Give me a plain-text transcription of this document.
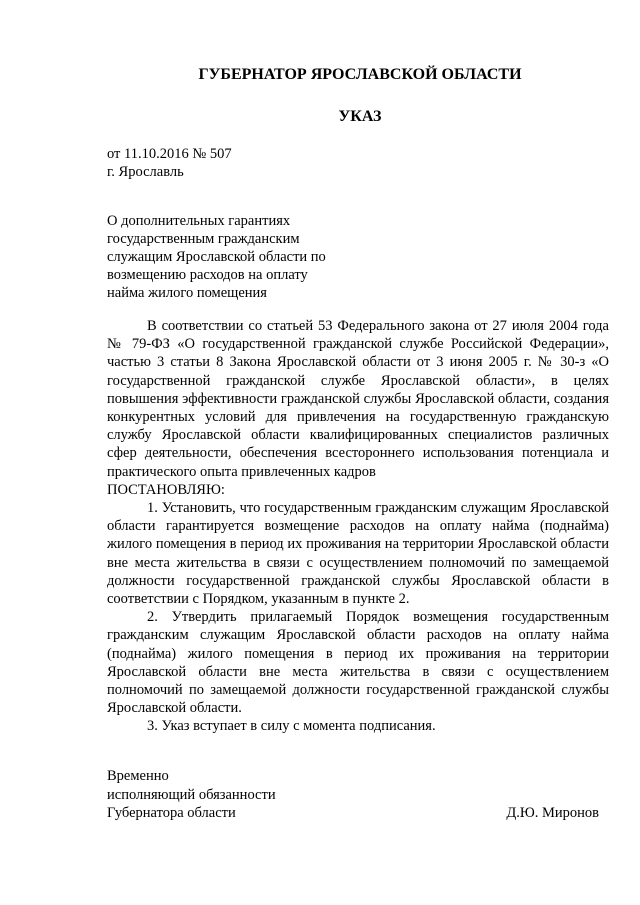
ГУБЕРНАТОР ЯРОСЛАВСКОЙ ОБЛАСТИ
УКАЗ
от 11.10.2016 № 507
г. Ярославль
О дополнительных гарантиях
государственным гражданским
служащим Ярославской области по
возмещению расходов на оплату
найма жилого помещения

В соответствии со статьей 53 Федерального закона от 27 июля 2004 года № 79-ФЗ «О государственной гражданской службе Российской Федерации», частью 3 статьи 8 Закона Ярославской области от 3 июня 2005 г. № 30-з «О государственной гражданской службе Ярославской области», в целях повышения эффективности гражданской службы Ярославской области, создания конкурентных условий для привлечения на государственную гражданскую службу Ярославской области квалифицированных специалистов различных сфер деятельности, обеспечения всестороннего использования потенциала и практического опыта привлеченных кадров

ПОСТАНОВЛЯЮ:

1. Установить, что государственным гражданским служащим Ярославской области гарантируется возмещение расходов на оплату найма (поднайма) жилого помещения в период их проживания на территории Ярославской области вне места жительства в связи с осуществлением полномочий по замещаемой должности государственной гражданской службы Ярославской области в соответствии с Порядком, указанным в пункте 2.

2. Утвердить прилагаемый Порядок возмещения государственным гражданским служащим Ярославской области расходов на оплату найма (поднайма) жилого помещения в период их проживания на территории Ярославской области вне места жительства в связи с осуществлением полномочий по замещаемой должности государственной гражданской службы Ярославской области.

3. Указ вступает в силу с момента подписания.

Временно
исполняющий обязанности
Губернатора области	Д.Ю. Миронов
